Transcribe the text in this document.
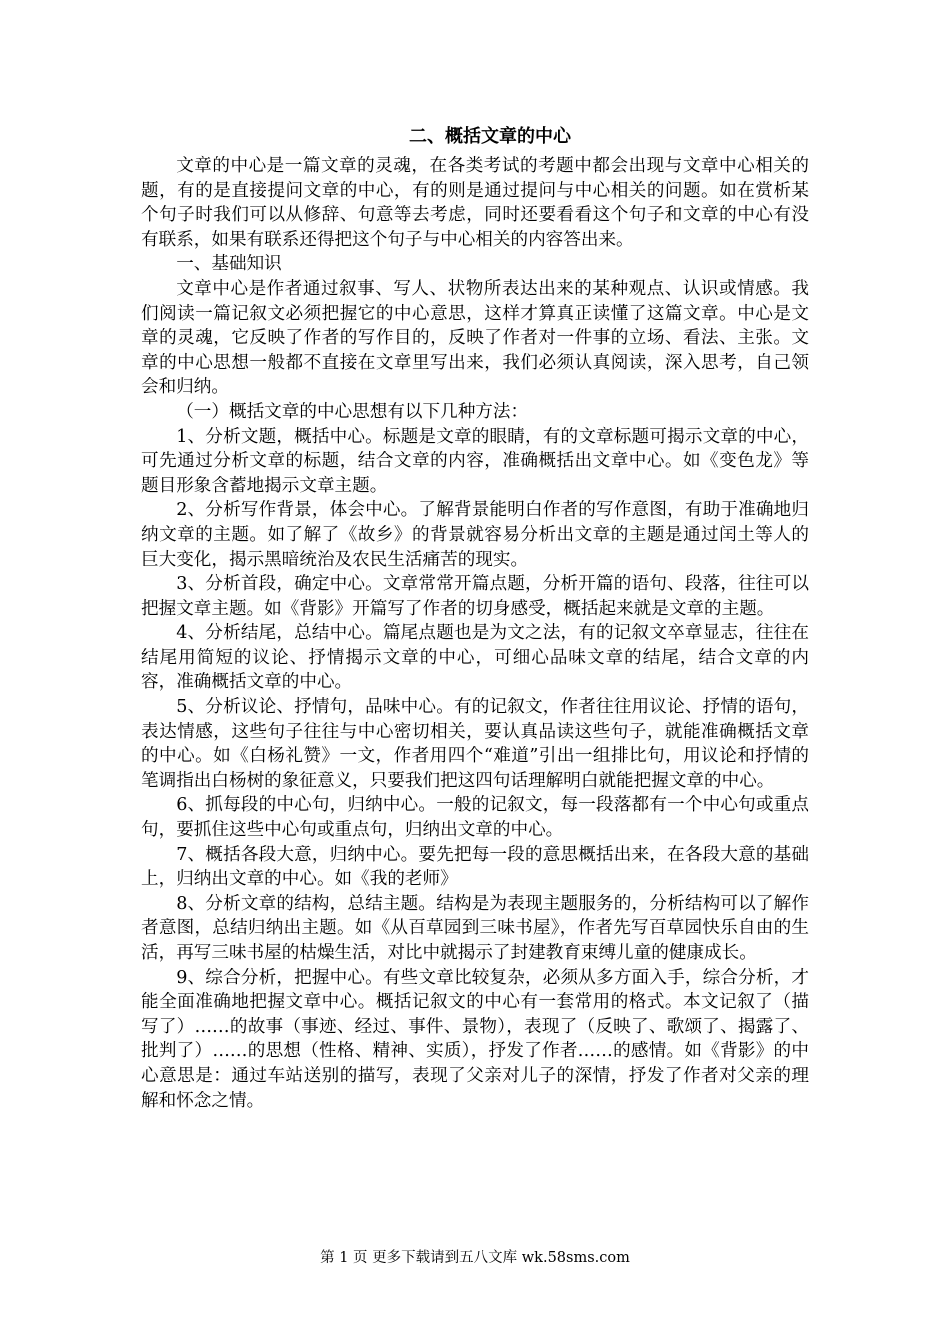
二、概括文章的中心

文章的中心是一篇文章的灵魂，在各类考试的考题中都会出现与文章中心相关的题，有的是直接提问文章的中心，有的则是通过提问与中心相关的问题。如在赏析某个句子时我们可以从修辞、句意等去考虑，同时还要看看这个句子和文章的中心有没有联系，如果有联系还得把这个句子与中心相关的内容答出来。

一、基础知识

文章中心是作者通过叙事、写人、状物所表达出来的某种观点、认识或情感。我们阅读一篇记叙文必须把握它的中心意思，这样才算真正读懂了这篇文章。中心是文章的灵魂，它反映了作者的写作目的，反映了作者对一件事的立场、看法、主张。文章的中心思想一般都不直接在文章里写出来，我们必须认真阅读，深入思考，自己领会和归纳。

（一）概括文章的中心思想有以下几种方法：

1、分析文题，概括中心。标题是文章的眼睛，有的文章标题可揭示文章的中心，可先通过分析文章的标题，结合文章的内容，准确概括出文章中心。如《变色龙》等题目形象含蓄地揭示文章主题。

2、分析写作背景，体会中心。了解背景能明白作者的写作意图，有助于准确地归纳文章的主题。如了解了《故乡》的背景就容易分析出文章的主题是通过闰土等人的巨大变化，揭示黑暗统治及农民生活痛苦的现实。

3、分析首段，确定中心。文章常常开篇点题，分析开篇的语句、段落，往往可以把握文章主题。如《背影》开篇写了作者的切身感受，概括起来就是文章的主题。

4、分析结尾，总结中心。篇尾点题也是为文之法，有的记叙文卒章显志，往往在结尾用简短的议论、抒情揭示文章的中心，可细心品味文章的结尾，结合文章的内容，准确概括文章的中心。

5、分析议论、抒情句，品味中心。有的记叙文，作者往往用议论、抒情的语句，表达情感，这些句子往往与中心密切相关，要认真品读这些句子，就能准确概括文章的中心。如《白杨礼赞》一文，作者用四个“难道”引出一组排比句，用议论和抒情的笔调指出白杨树的象征意义，只要我们把这四句话理解明白就能把握文章的中心。

6、抓每段的中心句，归纳中心。一般的记叙文，每一段落都有一个中心句或重点句，要抓住这些中心句或重点句，归纳出文章的中心。

7、概括各段大意，归纳中心。要先把每一段的意思概括出来，在各段大意的基础上，归纳出文章的中心。如《我的老师》

8、分析文章的结构，总结主题。结构是为表现主题服务的，分析结构可以了解作者意图，总结归纳出主题。如《从百草园到三味书屋》，作者先写百草园快乐自由的生活，再写三味书屋的枯燥生活，对比中就揭示了封建教育束缚儿童的健康成长。

9、综合分析，把握中心。有些文章比较复杂，必须从多方面入手，综合分析，才能全面准确地把握文章中心。概括记叙文的中心有一套常用的格式。本文记叙了（描写了）……的故事（事迹、经过、事件、景物），表现了（反映了、歌颂了、揭露了、批判了）……的思想（性格、精神、实质），抒发了作者……的感情。如《背影》的中心意思是：通过车站送别的描写，表现了父亲对儿子的深情，抒发了作者对父亲的理解和怀念之情。

第 1 页 更多下载请到五八文库 wk.58sms.com
